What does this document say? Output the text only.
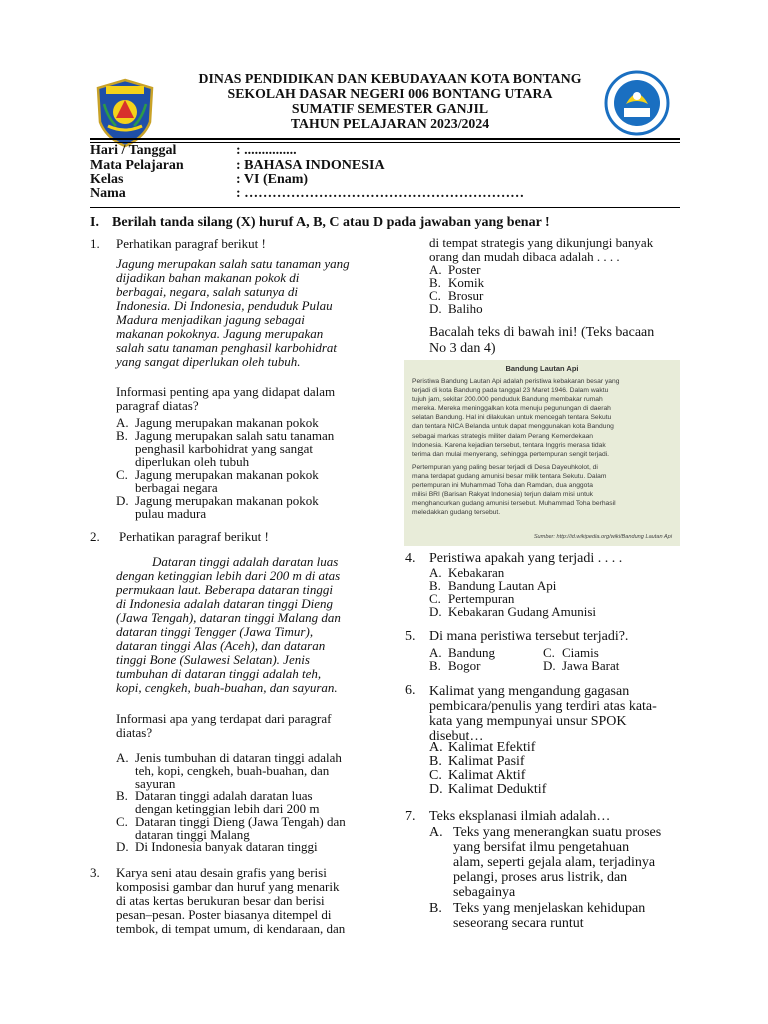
DINAS PENDIDIKAN DAN KEBUDAYAAN KOTA BONTANG
SEKOLAH DASAR NEGERI 006 BONTANG UTARA
SUMATIF SEMESTER GANJIL
TAHUN PELAJARAN 2023/2024
Hari / Tanggal	: ...............
Mata Pelajaran	: BAHASA INDONESIA
Kelas	: VI (Enam)
Nama	: ……………………………………………………
I. Berilah tanda silang (X) huruf A, B, C atau D pada jawaban yang benar !
1. Perhatikan paragraf berikut !
Jagung merupakan salah satu tanaman yang
dijadikan bahan makanan pokok di
berbagai, negara, salah satunya di
Indonesia. Di Indonesia, penduduk Pulau
Madura menjadikan jagung sebagai
makanan pokoknya. Jagung merupakan
salah satu tanaman penghasil karbohidrat
yang sangat diperlukan oleh tubuh.
Informasi penting apa yang didapat dalam
paragraf diatas?
A. Jagung merupakan makanan pokok
B. Jagung merupakan salah satu tanaman
penghasil karbohidrat yang sangat
diperlukan oleh tubuh
C. Jagung merupakan makanan pokok
berbagai negara
D. Jagung merupakan makanan pokok
pulau madura
2. Perhatikan paragraf berikut !
Dataran tinggi adalah daratan luas
dengan ketinggian lebih dari 200 m di atas
permukaan laut. Beberapa dataran tinggi
di Indonesia adalah dataran tinggi Dieng
(Jawa Tengah), dataran tinggi Malang dan
dataran tinggi Tengger (Jawa Timur),
dataran tinggi Alas (Aceh), dan dataran
tinggi Bone (Sulawesi Selatan). Jenis
tumbuhan di dataran tinggi adalah teh,
kopi, cengkeh, buah-buahan, dan sayuran.
Informasi apa yang terdapat dari paragraf
diatas?
A. Jenis tumbuhan di dataran tinggi adalah
teh, kopi, cengkeh, buah-buahan, dan
sayuran
B. Dataran tinggi adalah daratan luas
dengan ketinggian lebih dari 200 m
C. Dataran tinggi Dieng (Jawa Tengah) dan
dataran tinggi Malang
D. Di Indonesia banyak dataran tinggi
3. Karya seni atau desain grafis yang berisi
komposisi gambar dan huruf yang menarik
di atas kertas berukuran besar dan berisi
pesan–pesan. Poster biasanya ditempel di
tembok, di tempat umum, di kendaraan, dan
di tempat strategis yang dikunjungi banyak
orang dan mudah dibaca adalah . . . .
A. Poster
B. Komik
C. Brosur
D. Baliho
Bacalah teks di bawah ini! (Teks bacaan
No 3 dan 4)
Bandung Lautan Api
Peristiwa Bandung Lautan Api adalah peristiwa kebakaran besar yang
terjadi di kota Bandung pada tanggal 23 Maret 1946. Dalam waktu
tujuh jam, sekitar 200.000 penduduk Bandung membakar rumah
mereka. Mereka meninggalkan kota menuju pegunungan di daerah
selatan Bandung. Hal ini dilakukan untuk mencegah tentara Sekutu
dan tentara NICA Belanda untuk dapat menggunakan kota Bandung
sebagai markas strategis militer dalam Perang Kemerdekaan
Indonesia. Karena kejadian tersebut, tentara Inggris merasa tidak
terima dan mulai menyerang, sehingga pertempuran sengit terjadi.
Pertempuran yang paling besar terjadi di Desa Dayeuhkolot, di
mana terdapat gudang amunisi besar milik tentara Sekutu. Dalam
pertempuran ini Muhammad Toha dan Ramdan, dua anggota
milisi BRI (Barisan Rakyat Indonesia) terjun dalam misi untuk
menghancurkan gudang amunisi tersebut. Muhammad Toha berhasil
meledakkan gudang tersebut.
Sumber: http://id.wikipedia.org/wiki/Bandung Lautan Api
4. Peristiwa apakah yang terjadi . . . .
A. Kebakaran
B. Bandung Lautan Api
C. Pertempuran
D. Kebakaran Gudang Amunisi
5. Di mana peristiwa tersebut terjadi?.
A. Bandung	C. Ciamis
B. Bogor	D. Jawa Barat
6. Kalimat yang mengandung gagasan
pembicara/penulis yang terdiri atas kata-
kata yang mempunyai unsur SPOK
disebut…
A. Kalimat Efektif
B. Kalimat Pasif
C. Kalimat Aktif
D. Kalimat Deduktif
7. Teks eksplanasi ilmiah adalah…
A. Teks yang menerangkan suatu proses
yang bersifat ilmu pengetahuan
alam, seperti gejala alam, terjadinya
pelangi, proses arus listrik, dan
sebagainya
B. Teks yang menjelaskan kehidupan
seseorang secara runtut
